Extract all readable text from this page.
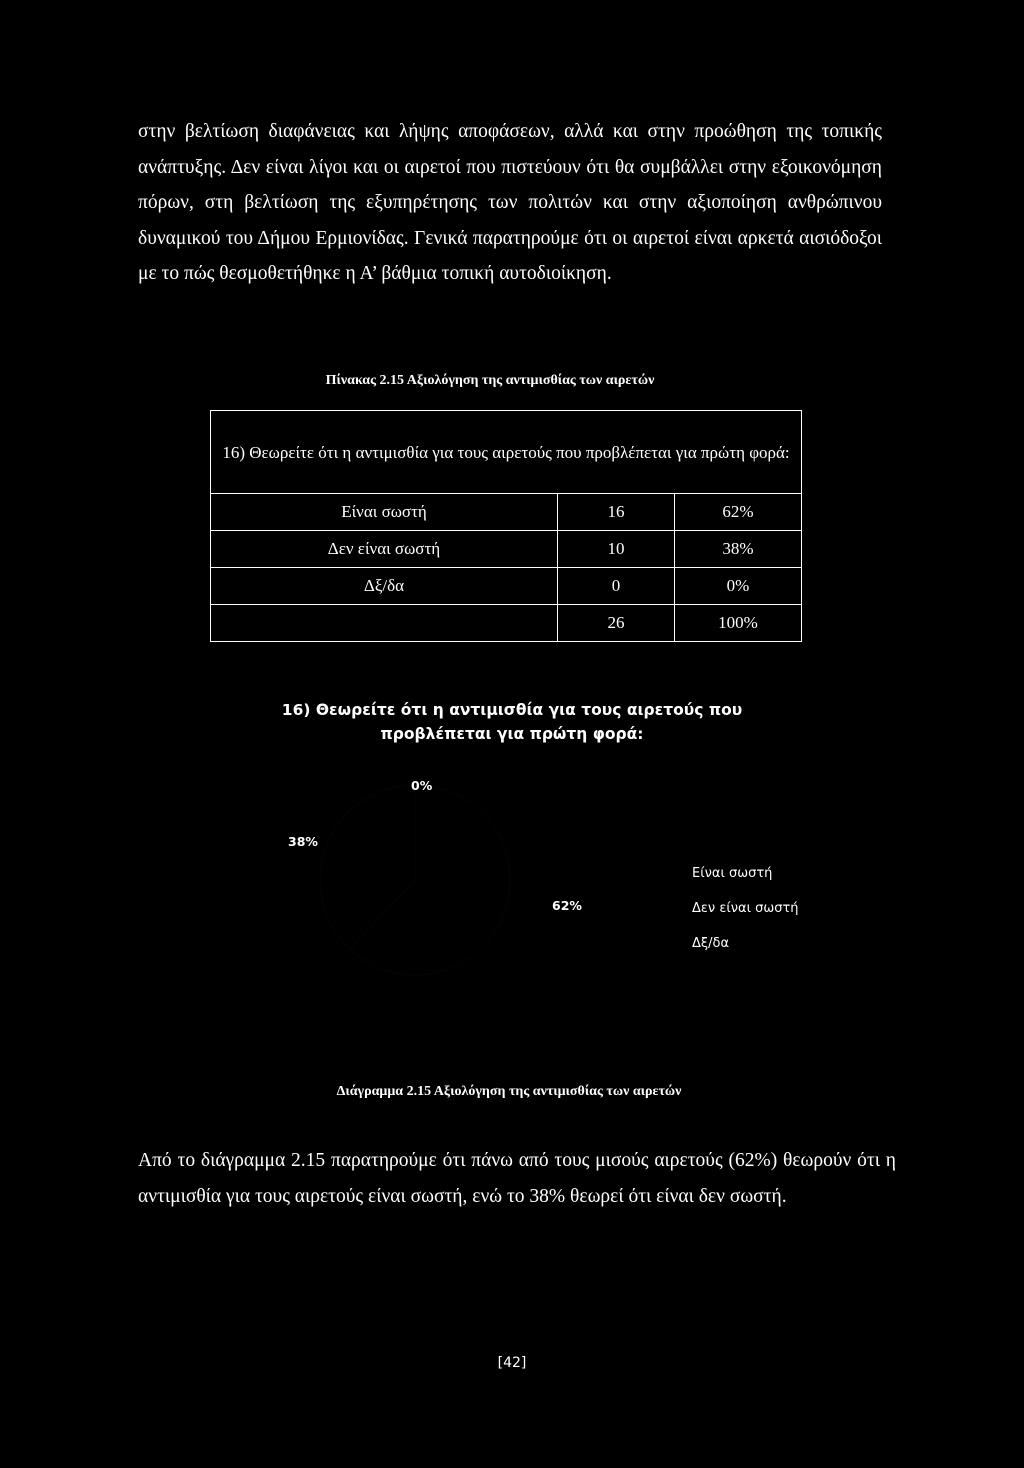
στην βελτίωση διαφάνειας και λήψης αποφάσεων, αλλά και στην προώθηση της τοπικής ανάπτυξης. Δεν είναι λίγοι και οι αιρετοί που πιστεύουν ότι θα συμβάλλει στην εξοικονόμηση πόρων, στη βελτίωση της εξυπηρέτησης των πολιτών και στην αξιοποίηση ανθρώπινου δυναμικού του Δήμου Ερμιονίδας. Γενικά παρατηρούμε ότι οι αιρετοί είναι αρκετά αισιόδοξοι με το πώς θεσμοθετήθηκε η Α’ βάθμια τοπική αυτοδιοίκηση.

Πίνακας 2.15 Αξιολόγηση της αντιμισθίας των αιρετών
16) Θεωρείτε ότι η αντιμισθία για τους αιρετούς που προβλέπεται για πρώτη φορά:		
Είναι σωστή	16	62%
Δεν είναι σωστή	10	38%
Δξ/δα	0	0%
	26	100%
16) Θεωρείτε ότι η αντιμισθία για τους αιρετούς που
προβλέπεται για πρώτη φορά:
0%
38%
62%
Είναι σωστή
Δεν είναι σωστή
Δξ/δα
Διάγραμμα 2.15 Αξιολόγηση της αντιμισθίας των αιρετών

Από το διάγραμμα 2.15 παρατηρούμε ότι πάνω από τους μισούς αιρετούς (62%) θεωρούν ότι η αντιμισθία για τους αιρετούς είναι σωστή, ενώ το 38% θεωρεί ότι είναι δεν σωστή.

[42]
